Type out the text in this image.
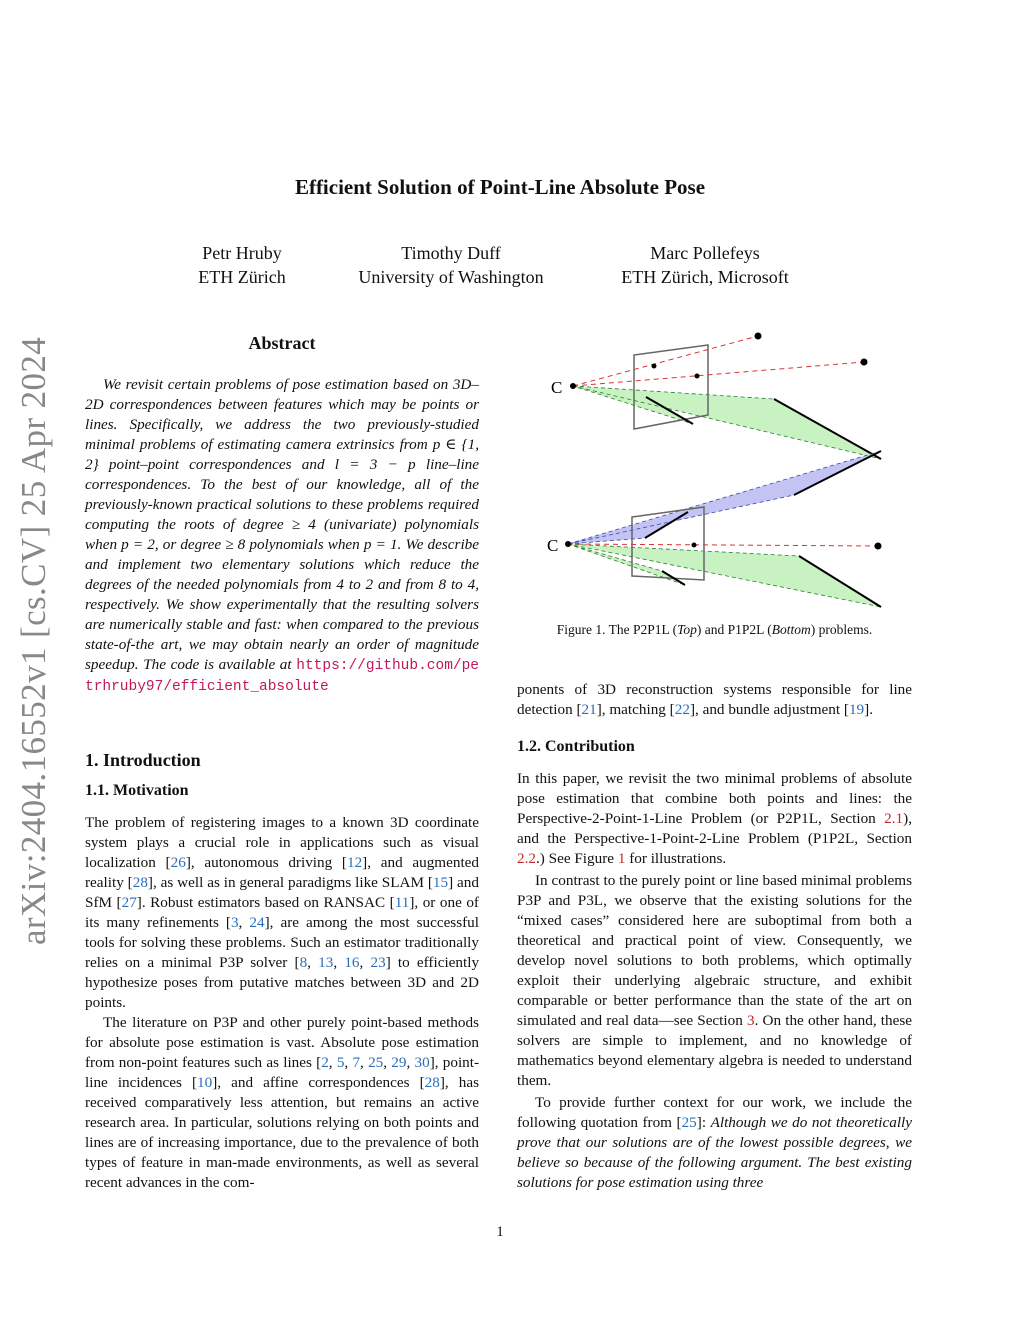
Efficient Solution of Point-Line Absolute Pose
Petr Hruby
ETH Zürich
Timothy Duff
University of Washington
Marc Pollefeys
ETH Zürich, Microsoft
arXiv:2404.16552v1 [cs.CV] 25 Apr 2024	Abstract
We revisit certain problems of pose estimation based on 3D–2D correspondences between features which may be points or lines. Specifically, we address the two previously-studied minimal problems of estimating camera extrinsics from p ∈ {1, 2} point–point correspondences and l = 3 − p line–line correspondences. To the best of our knowledge, all of the previously-known practical solutions to these problems required computing the roots of degree ≥ 4 (univariate) polynomials when p = 2, or degree ≥ 8 polynomials when p = 1. We describe and implement two elementary solutions which reduce the degrees of the needed polynomials from 4 to 2 and from 8 to 4, respectively. We show experimentally that the resulting solvers are numerically stable and fast: when compared to the previous state-of-the art, we may obtain nearly an order of magnitude speedup. The code is available at https://github.com/petrhruby97/efficient_absolute
1. Introduction
1.1. Motivation

The problem of registering images to a known 3D coordinate system plays a crucial role in applications such as visual localization [26], autonomous driving [12], and augmented reality [28], as well as in general paradigms like SLAM [15] and SfM [27]. Robust estimators based on RANSAC [11], or one of its many refinements [3, 24], are among the most successful tools for solving these problems. Such an estimator traditionally relies on a minimal P3P solver [8, 13, 16, 23] to efficiently hypothesize poses from putative matches between 3D and 2D points.

The literature on P3P and other purely point-based methods for absolute pose estimation is vast. Absolute pose estimation from non-point features such as lines [2, 5, 7, 25, 29, 30], point-line incidences [10], and affine correspondences [28], has received comparatively less attention, but remains an active research area. In particular, solutions relying on both points and lines are of increasing importance, due to the prevalence of both types of feature in man-made environments, as well as several recent advances in the com-

C
C
Figure 1. The P2P1L (Top) and P1P2L (Bottom) problems.

ponents of 3D reconstruction systems responsible for line detection [21], matching [22], and bundle adjustment [19].

1.2. Contribution

In this paper, we revisit the two minimal problems of absolute pose estimation that combine both points and lines: the Perspective-2-Point-1-Line Problem (or P2P1L, Section 2.1), and the Perspective-1-Point-2-Line Problem (P1P2L, Section 2.2.) See Figure 1 for illustrations.

In contrast to the purely point or line based minimal problems P3P and P3L, we observe that the existing solutions for the “mixed cases” considered here are suboptimal from both a theoretical and practical point of view. Consequently, we develop novel solutions to both problems, which optimally exploit their underlying algebraic structure, and exhibit comparable or better performance than the state of the art on simulated and real data—see Section 3. On the other hand, these solvers are simple to implement, and no knowledge of mathematics beyond elementary algebra is needed to understand them.

To provide further context for our work, we include the following quotation from [25]: Although we do not theoretically prove that our solutions are of the lowest possible degrees, we believe so because of the following argument. The best existing solutions for pose estimation using three

1
